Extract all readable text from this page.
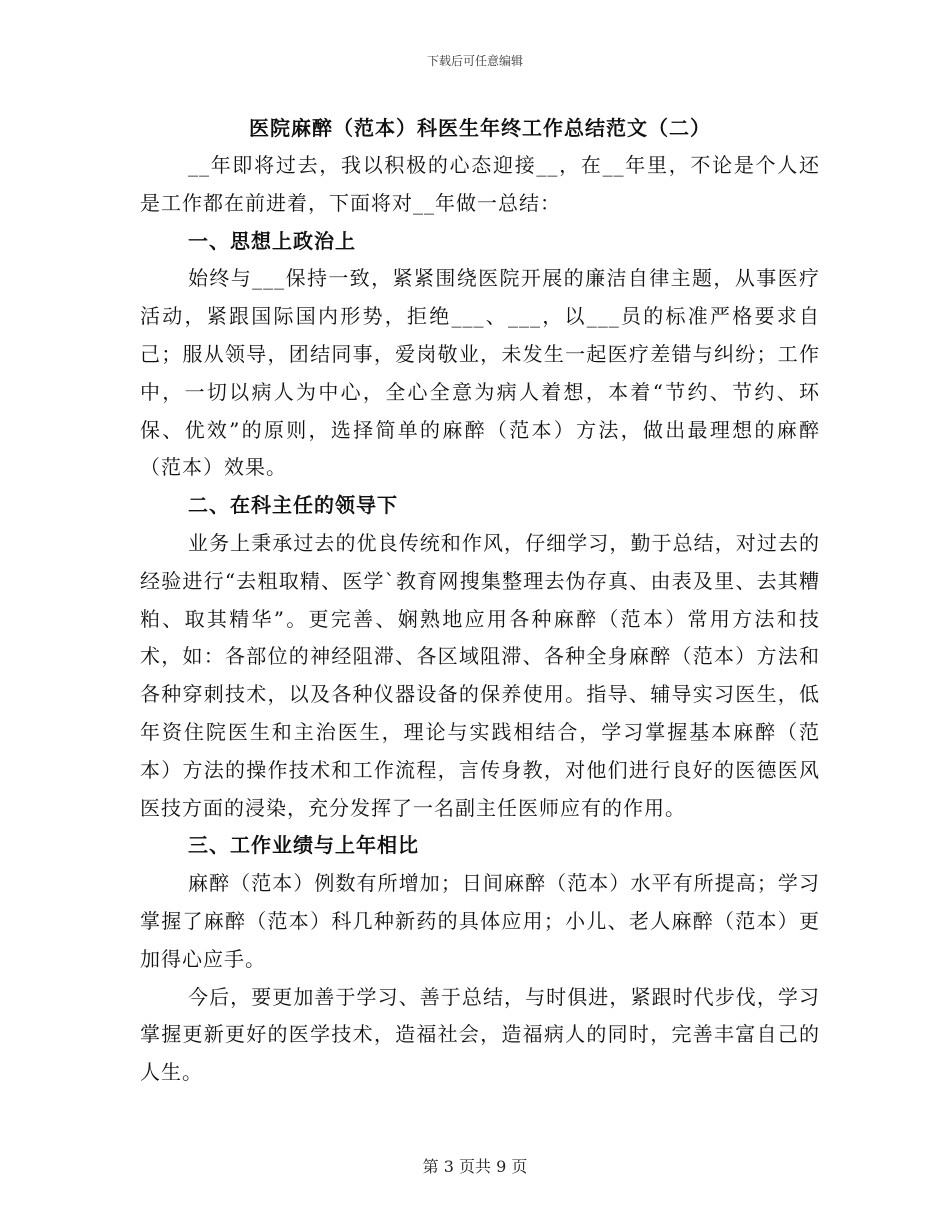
下载后可任意编辑

医院麻醉（范本）科医生年终工作总结范文（二）

__年即将过去，我以积极的心态迎接__，在__年里，不论是个人还是工作都在前进着，下面将对__年做一总结：

一、思想上政治上

始终与___保持一致，紧紧围绕医院开展的廉洁自律主题，从事医疗活动，紧跟国际国内形势，拒绝___、___，以___员的标准严格要求自己；服从领导，团结同事，爱岗敬业，未发生一起医疗差错与纠纷；工作中，一切以病人为中心，全心全意为病人着想，本着“节约、节约、环保、优效”的原则，选择简单的麻醉（范本）方法，做出最理想的麻醉（范本）效果。

二、在科主任的领导下

业务上秉承过去的优良传统和作风，仔细学习，勤于总结，对过去的经验进行“去粗取精、医学`教育网搜集整理去伪存真、由表及里、去其糟粕、取其精华”。更完善、娴熟地应用各种麻醉（范本）常用方法和技术，如：各部位的神经阻滞、各区域阻滞、各种全身麻醉（范本）方法和各种穿刺技术，以及各种仪器设备的保养使用。指导、辅导实习医生，低年资住院医生和主治医生，理论与实践相结合，学习掌握基本麻醉（范本）方法的操作技术和工作流程，言传身教，对他们进行良好的医德医风医技方面的浸染，充分发挥了一名副主任医师应有的作用。

三、工作业绩与上年相比

麻醉（范本）例数有所增加；日间麻醉（范本）水平有所提高；学习掌握了麻醉（范本）科几种新药的具体应用；小儿、老人麻醉（范本）更加得心应手。

今后，要更加善于学习、善于总结，与时俱进，紧跟时代步伐，学习掌握更新更好的医学技术，造福社会，造福病人的同时，完善丰富自己的人生。

第 3 页共 9 页
